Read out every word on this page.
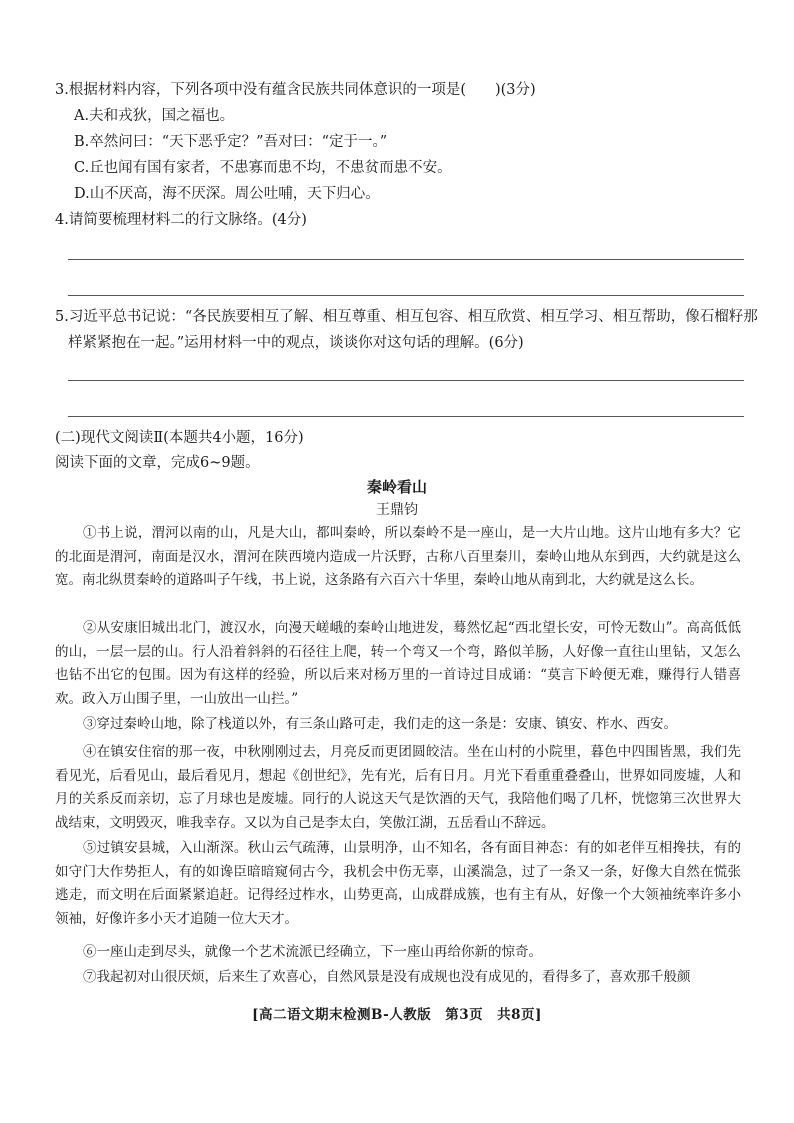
3.根据材料内容，下列各项中没有蕴含民族共同体意识的一项是(　　)(3分)
A.夫和戎狄，国之福也。
B.卒然问曰：“天下恶乎定？”吾对曰：“定于一。”
C.丘也闻有国有家者，不患寡而患不均，不患贫而患不安。
D.山不厌高，海不厌深。周公吐哺，天下归心。
4.请简要梳理材料二的行文脉络。(4分)
5.习近平总书记说：“各民族要相互了解、相互尊重、相互包容、相互欣赏、相互学习、相互帮助，像石榴籽那
样紧紧抱在一起。”运用材料一中的观点，谈谈你对这句话的理解。(6分)
(二)现代文阅读Ⅱ(本题共4小题，16分)
阅读下面的文章，完成6~9题。
秦岭看山
王鼎钧
①书上说，渭河以南的山，凡是大山，都叫秦岭，所以秦岭不是一座山，是一大片山地。这片山地有多大？它的北面是渭河，南面是汉水，渭河在陕西境内造成一片沃野，古称八百里秦川，秦岭山地从东到西，大约就是这么宽。南北纵贯秦岭的道路叫子午线，书上说，这条路有六百六十华里，秦岭山地从南到北，大约就是这么长。
②从安康旧城出北门，渡汉水，向漫天嵯峨的秦岭山地进发，蓦然忆起“西北望长安，可怜无数山”。高高低低的山，一层一层的山。行人沿着斜斜的石径往上爬，转一个弯又一个弯，路似羊肠，人好像一直往山里钻，又怎么也钻不出它的包围。因为有这样的经验，所以后来对杨万里的一首诗过目成诵：“莫言下岭便无难，赚得行人错喜欢。政入万山围子里，一山放出一山拦。”
③穿过秦岭山地，除了栈道以外，有三条山路可走，我们走的这一条是：安康、镇安、柞水、西安。
④在镇安住宿的那一夜，中秋刚刚过去，月亮反而更团圆皎洁。坐在山村的小院里，暮色中四围皆黑，我们先看见光，后看见山，最后看见月，想起《创世纪》，先有光，后有日月。月光下看重重叠叠山，世界如同废墟，人和月的关系反而亲切，忘了月球也是废墟。同行的人说这天气是饮酒的天气，我陪他们喝了几杯，恍惚第三次世界大战结束，文明毁灭，唯我幸存。又以为自己是李太白，笑傲江湖，五岳看山不辞远。
⑤过镇安县城，入山渐深。秋山云气疏薄，山景明净，山不知名，各有面目神态：有的如老伴互相搀扶，有的如守门大作势拒人，有的如谗臣暗暗窥伺古今，我机会中伤无辜，山溪湍急，过了一条又一条，好像大自然在慌张逃走，而文明在后面紧紧追赶。记得经过柞水，山势更高，山成群成簇，也有主有从，好像一个大领袖统率许多小领袖，好像许多小天才追随一位大天才。
⑥一座山走到尽头，就像一个艺术流派已经确立，下一座山再给你新的惊奇。
⑦我起初对山很厌烦，后来生了欢喜心，自然风景是没有成规也没有成见的，看得多了，喜欢那千般颜
[高二语文期末检测B-人教版　第3页　共8页]
